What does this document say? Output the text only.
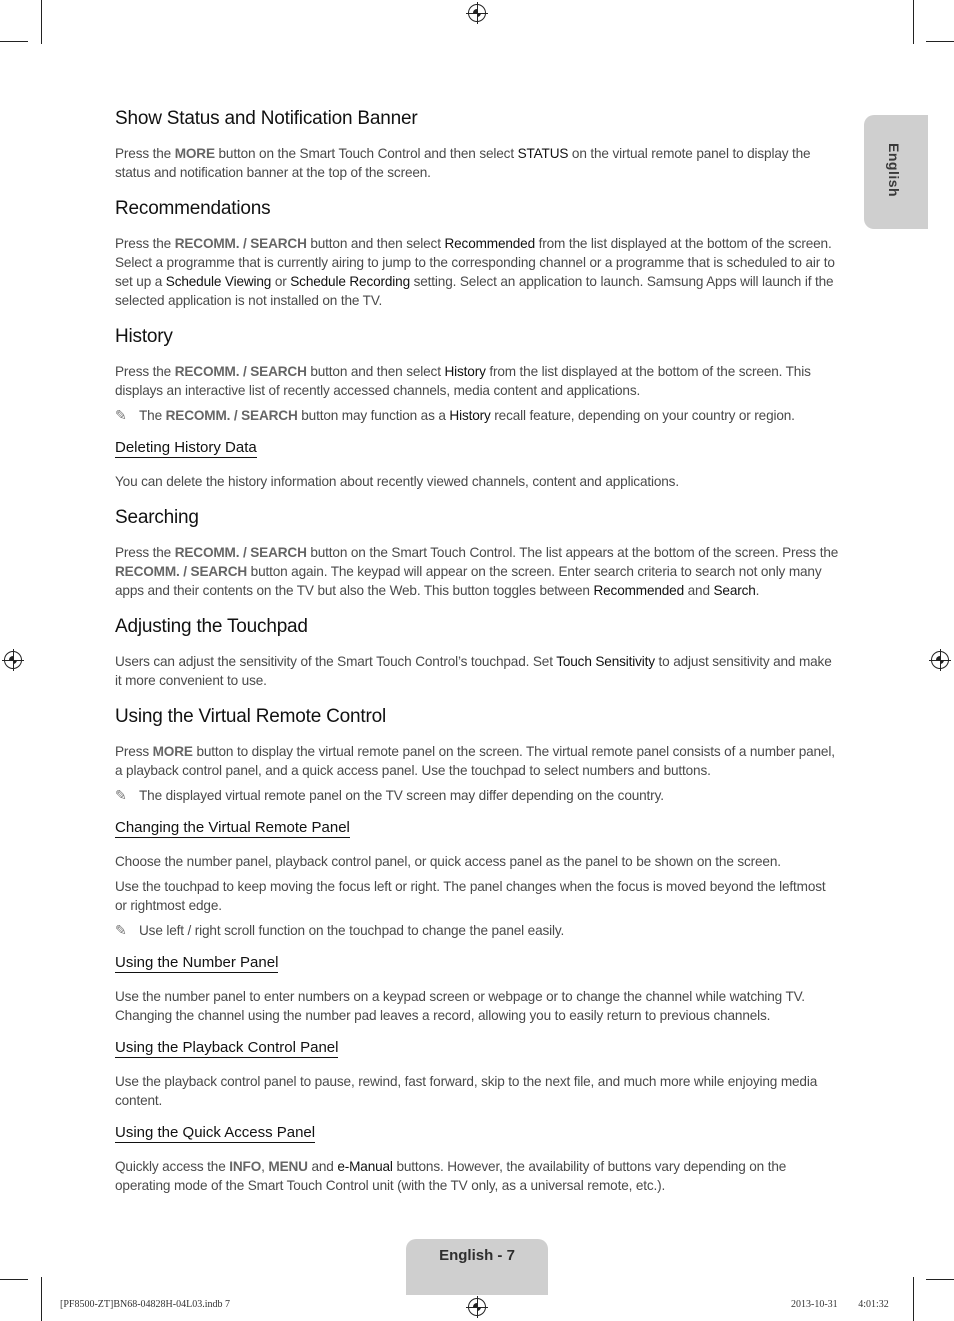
English
Show Status and Notification Banner

Press the MORE button on the Smart Touch Control and then select STATUS on the virtual remote panel to display the status and notification banner at the top of the screen.

Recommendations

Press the RECOMM. / SEARCH button and then select Recommended from the list displayed at the bottom of the screen. Select a programme that is currently airing to jump to the corresponding channel or a programme that is scheduled to air to set up a Schedule Viewing or Schedule Recording setting. Select an application to launch. Samsung Apps will launch if the selected application is not installed on the TV.

History

Press the RECOMM. / SEARCH button and then select History from the list displayed at the bottom of the screen. This displays an interactive list of recently accessed channels, media content and applications.

✎ The RECOMM. / SEARCH button may function as a History recall feature, depending on your country or region.

Deleting History Data

You can delete the history information about recently viewed channels, content and applications.

Searching

Press the RECOMM. / SEARCH button on the Smart Touch Control. The list appears at the bottom of the screen. Press the RECOMM. / SEARCH button again. The keypad will appear on the screen. Enter search criteria to search not only many apps and their contents on the TV but also the Web. This button toggles between Recommended and Search.

Adjusting the Touchpad

Users can adjust the sensitivity of the Smart Touch Control’s touchpad. Set Touch Sensitivity to adjust sensitivity and make it more convenient to use.

Using the Virtual Remote Control

Press MORE button to display the virtual remote panel on the screen. The virtual remote panel consists of a number panel, a playback control panel, and a quick access panel. Use the touchpad to select numbers and buttons.

✎ The displayed virtual remote panel on the TV screen may differ depending on the country.

Changing the Virtual Remote Panel

Choose the number panel, playback control panel, or quick access panel as the panel to be shown on the screen.

Use the touchpad to keep moving the focus left or right. The panel changes when the focus is moved beyond the leftmost or rightmost edge.

✎ Use left / right scroll function on the touchpad to change the panel easily.

Using the Number Panel

Use the number panel to enter numbers on a keypad screen or webpage or to change the channel while watching TV. Changing the channel using the number pad leaves a record, allowing you to easily return to previous channels.

Using the Playback Control Panel

Use the playback control panel to pause, rewind, fast forward, skip to the next file, and much more while enjoying media content.

Using the Quick Access Panel

Quickly access the INFO, MENU and e-Manual buttons. However, the availability of buttons vary depending on the operating mode of the Smart Touch Control unit (with the TV only, as a universal remote, etc.).

English - 7
[PF8500-ZT]BN68-04828H-04L03.indb 7	2013-10-31 ￿￿ 4:01:32
